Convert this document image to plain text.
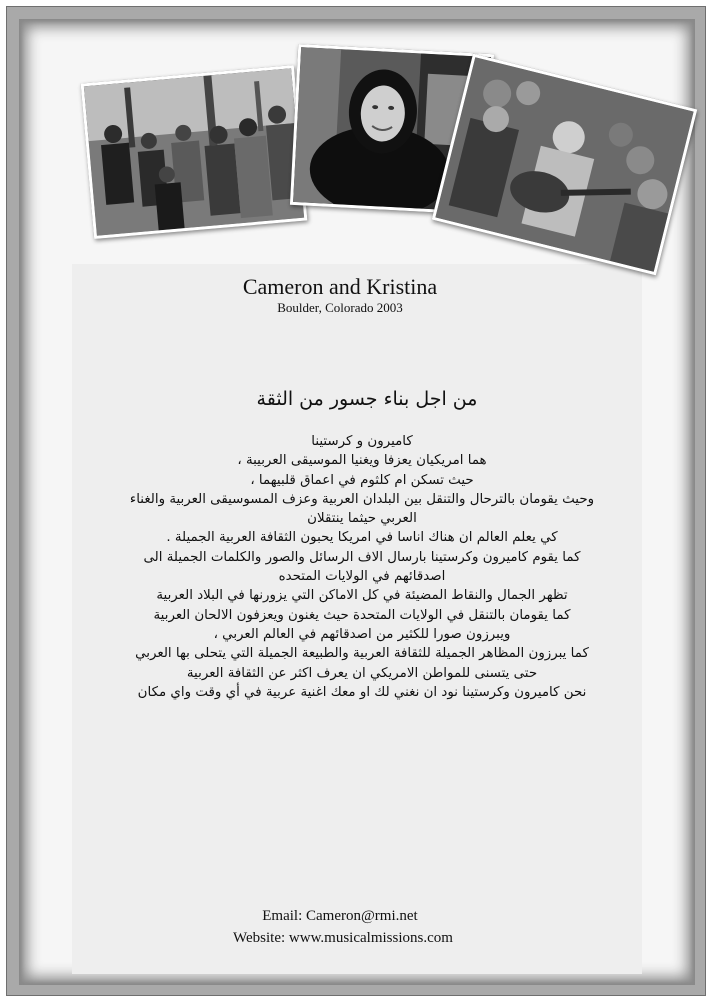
Cameron and Kristina
Boulder, Colorado 2003
من اجل بناء جسور من الثقة
كاميرون و كرستينا
هما امريكيان يعزفا ويغنيا الموسيقى العربيبة ،
حيث تسكن ام كلثوم في اعماق قلبيهما ،
وحيث يقومان بالترحال والتنقل بين البلدان العربية وعزف المسوسيقى العربية والغناء
العربي حيثما ينتقلان
كي يعلم العالم ان هناك اناسا في امريكا يحبون الثقافة العربية الجميلة .
كما يقوم كاميرون وكرستينا بارسال الاف الرسائل والصور والكلمات الجميلة الى
اصدقائهم في الولايات المتحده
تظهر الجمال والنقاط المضيئة في كل الاماكن التي يزورنها في البلاد العربية
كما يقومان بالتنقل في الولايات المتحدة حيث يغنون ويعزفون الالحان العربية
ويبرزون صورا للكثير من اصدقائهم في العالم العربي ،
كما يبرزون المظاهر الجميلة للثقافة العربية والطبيعة الجميلة التي يتحلى بها العربي
حتى يتسنى للمواطن الامريكي ان يعرف اكثر عن الثقافة العربية
نحن كاميرون وكرستينا نود ان نغني لك او معك اغنية عربية في أي وقت واي مكان
Email: Cameron@rmi.net
Website: www.musicalmissions.com
